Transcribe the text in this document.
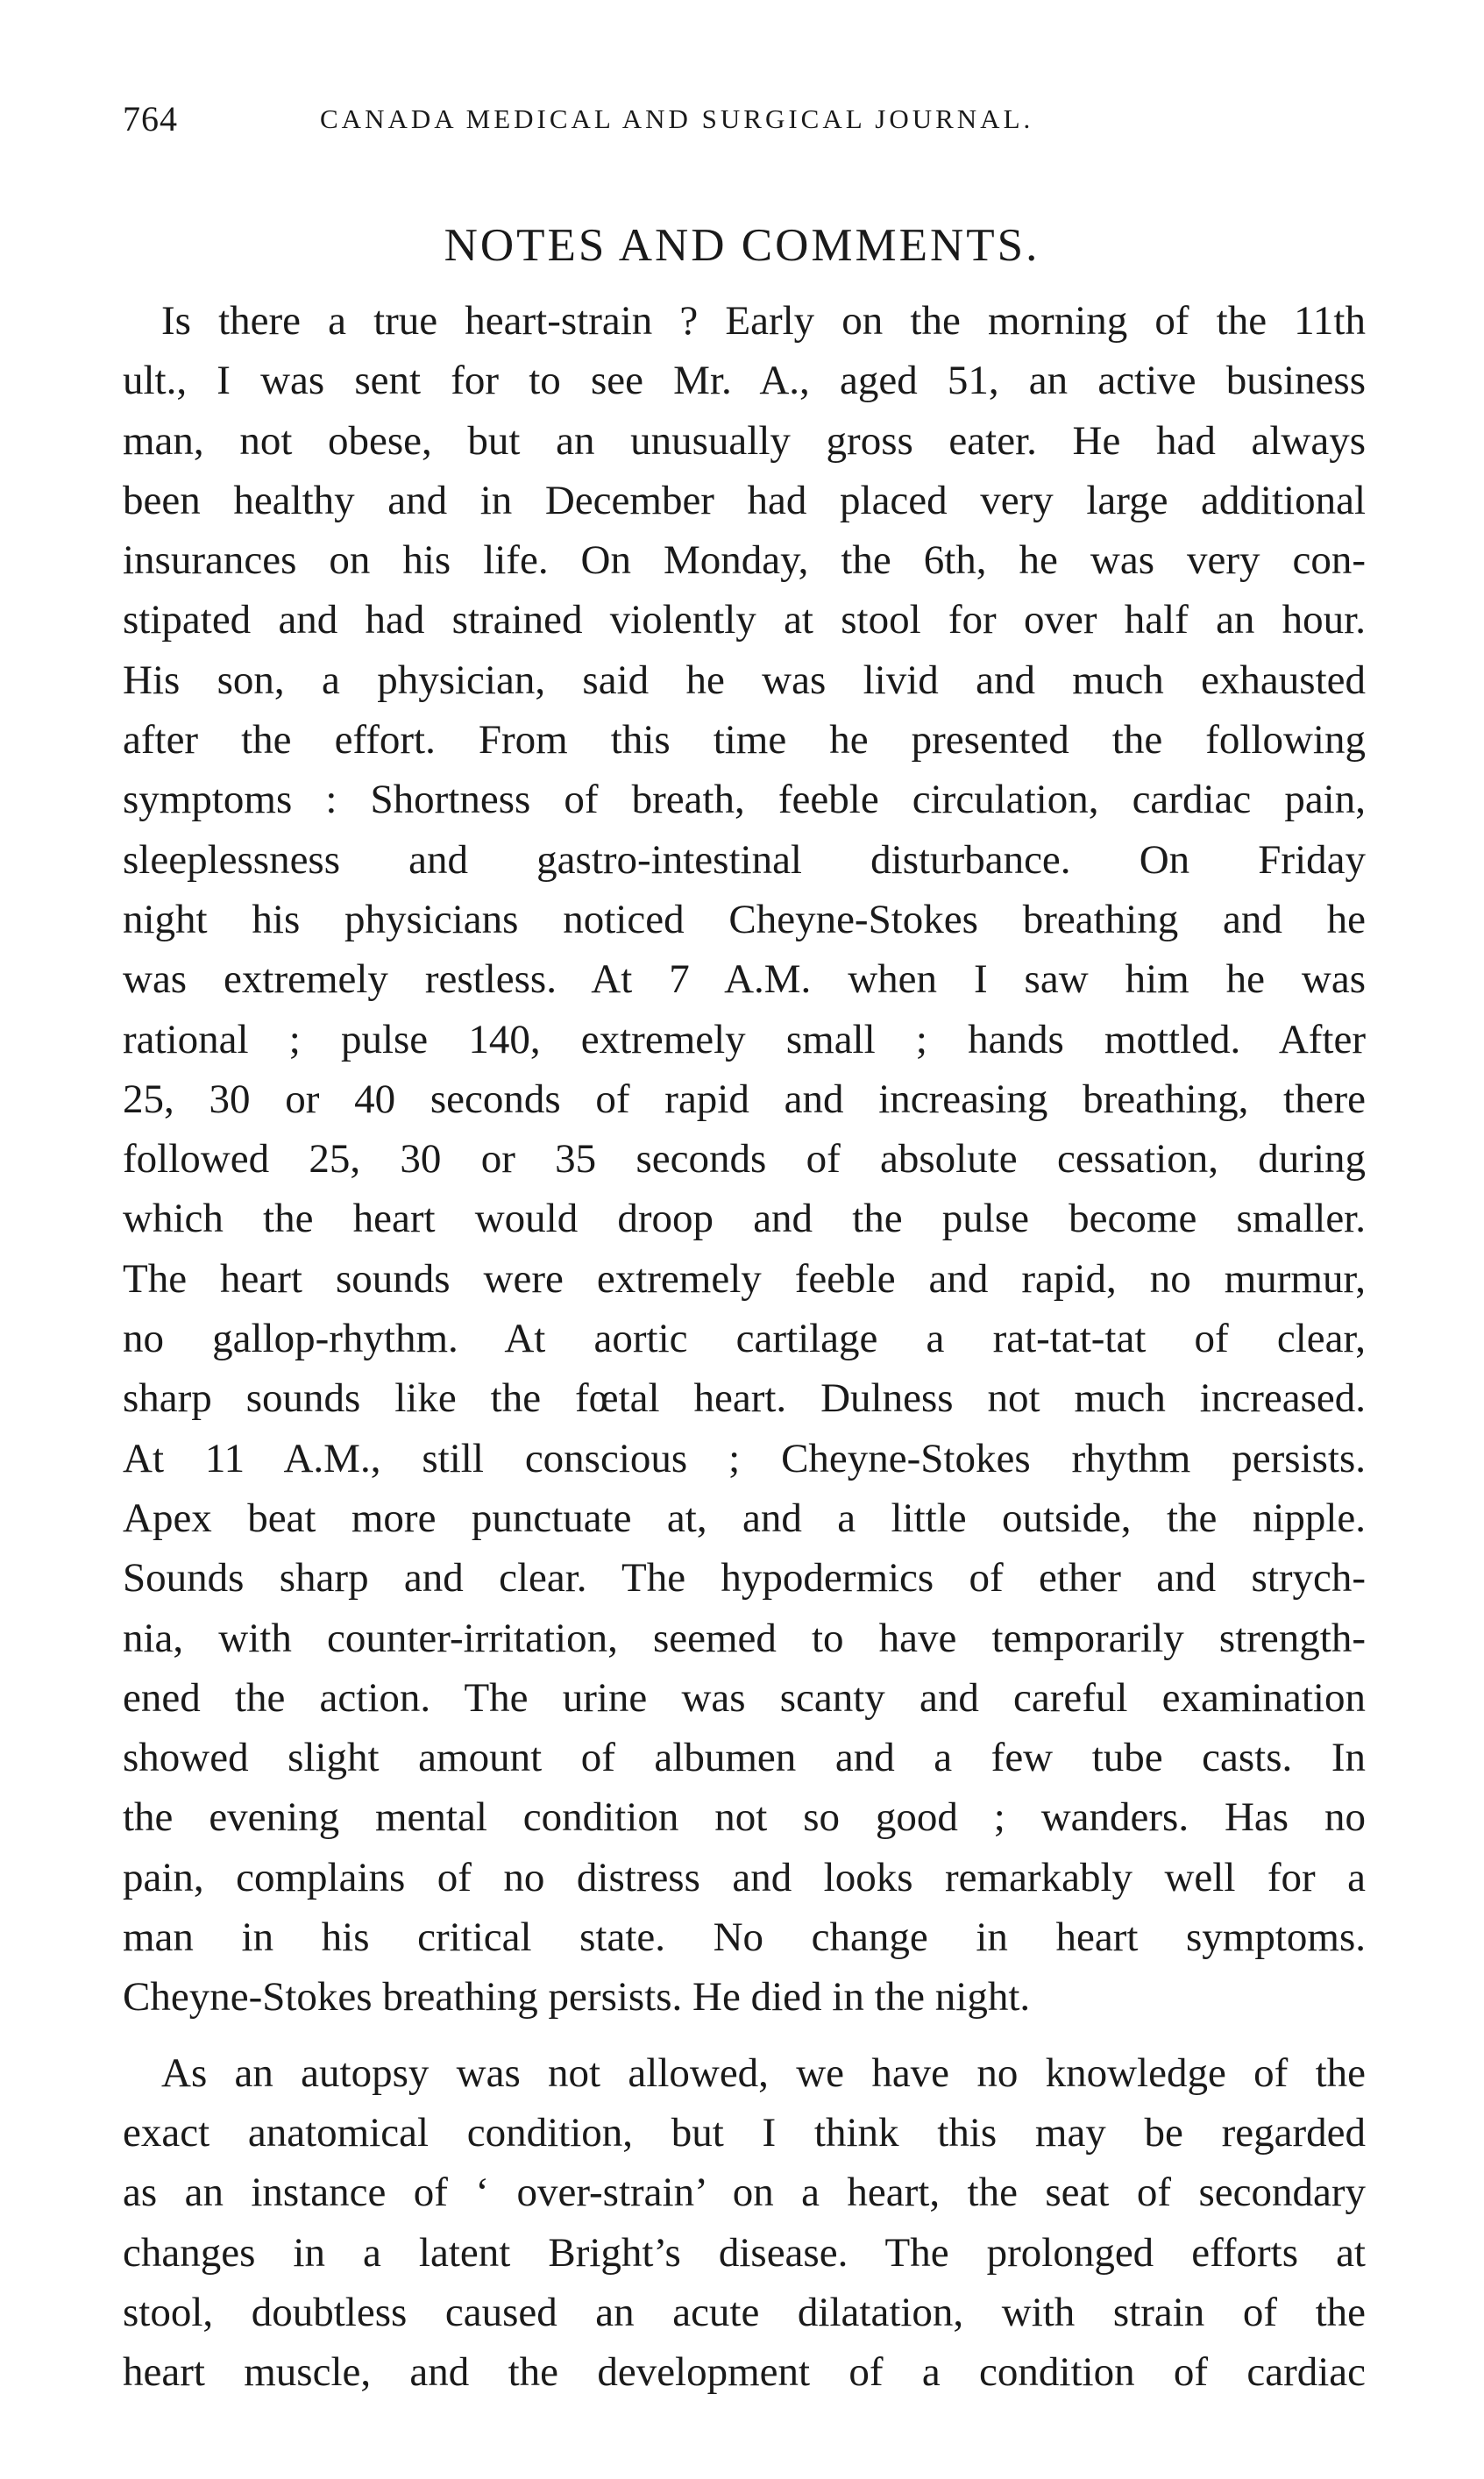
764	CANADA MEDICAL AND SURGICAL JOURNAL.
NOTES AND COMMENTS.
Is there a true heart-strain ? Early on the morning of the 11th
ult., I was sent for to see Mr. A., aged 51, an active business
man, not obese, but an unusually gross eater. He had always
been healthy and in December had placed very large additional
insurances on his life. On Monday, the 6th, he was very con-
stipated and had strained violently at stool for over half an hour.
His son, a physician, said he was livid and much exhausted
after the effort. From this time he presented the following
symptoms : Shortness of breath, feeble circulation, cardiac pain,
sleeplessness and gastro-intestinal disturbance. On Friday
night his physicians noticed Cheyne-Stokes breathing and he
was extremely restless. At 7 A.M. when I saw him he was
rational ; pulse 140, extremely small ; hands mottled. After
25, 30 or 40 seconds of rapid and increasing breathing, there
followed 25, 30 or 35 seconds of absolute cessation, during
which the heart would droop and the pulse become smaller.
The heart sounds were extremely feeble and rapid, no murmur,
no gallop-rhythm. At aortic cartilage a rat-tat-tat of clear,
sharp sounds like the fœtal heart. Dulness not much increased.
At 11 A.M., still conscious ; Cheyne-Stokes rhythm persists.
Apex beat more punctuate at, and a little outside, the nipple.
Sounds sharp and clear. The hypodermics of ether and strych-
nia, with counter-irritation, seemed to have temporarily strength-
ened the action. The urine was scanty and careful examination
showed slight amount of albumen and a few tube casts. In
the evening mental condition not so good ; wanders. Has no
pain, complains of no distress and looks remarkably well for a
man in his critical state. No change in heart symptoms.
Cheyne-Stokes breathing persists. He died in the night.
As an autopsy was not allowed, we have no knowledge of the
exact anatomical condition, but I think this may be regarded
as an instance of ‘ over-strain’ on a heart, the seat of secondary
changes in a latent Bright’s disease. The prolonged efforts at
stool, doubtless caused an acute dilatation, with strain of the
heart muscle, and the development of a condition of cardiac
